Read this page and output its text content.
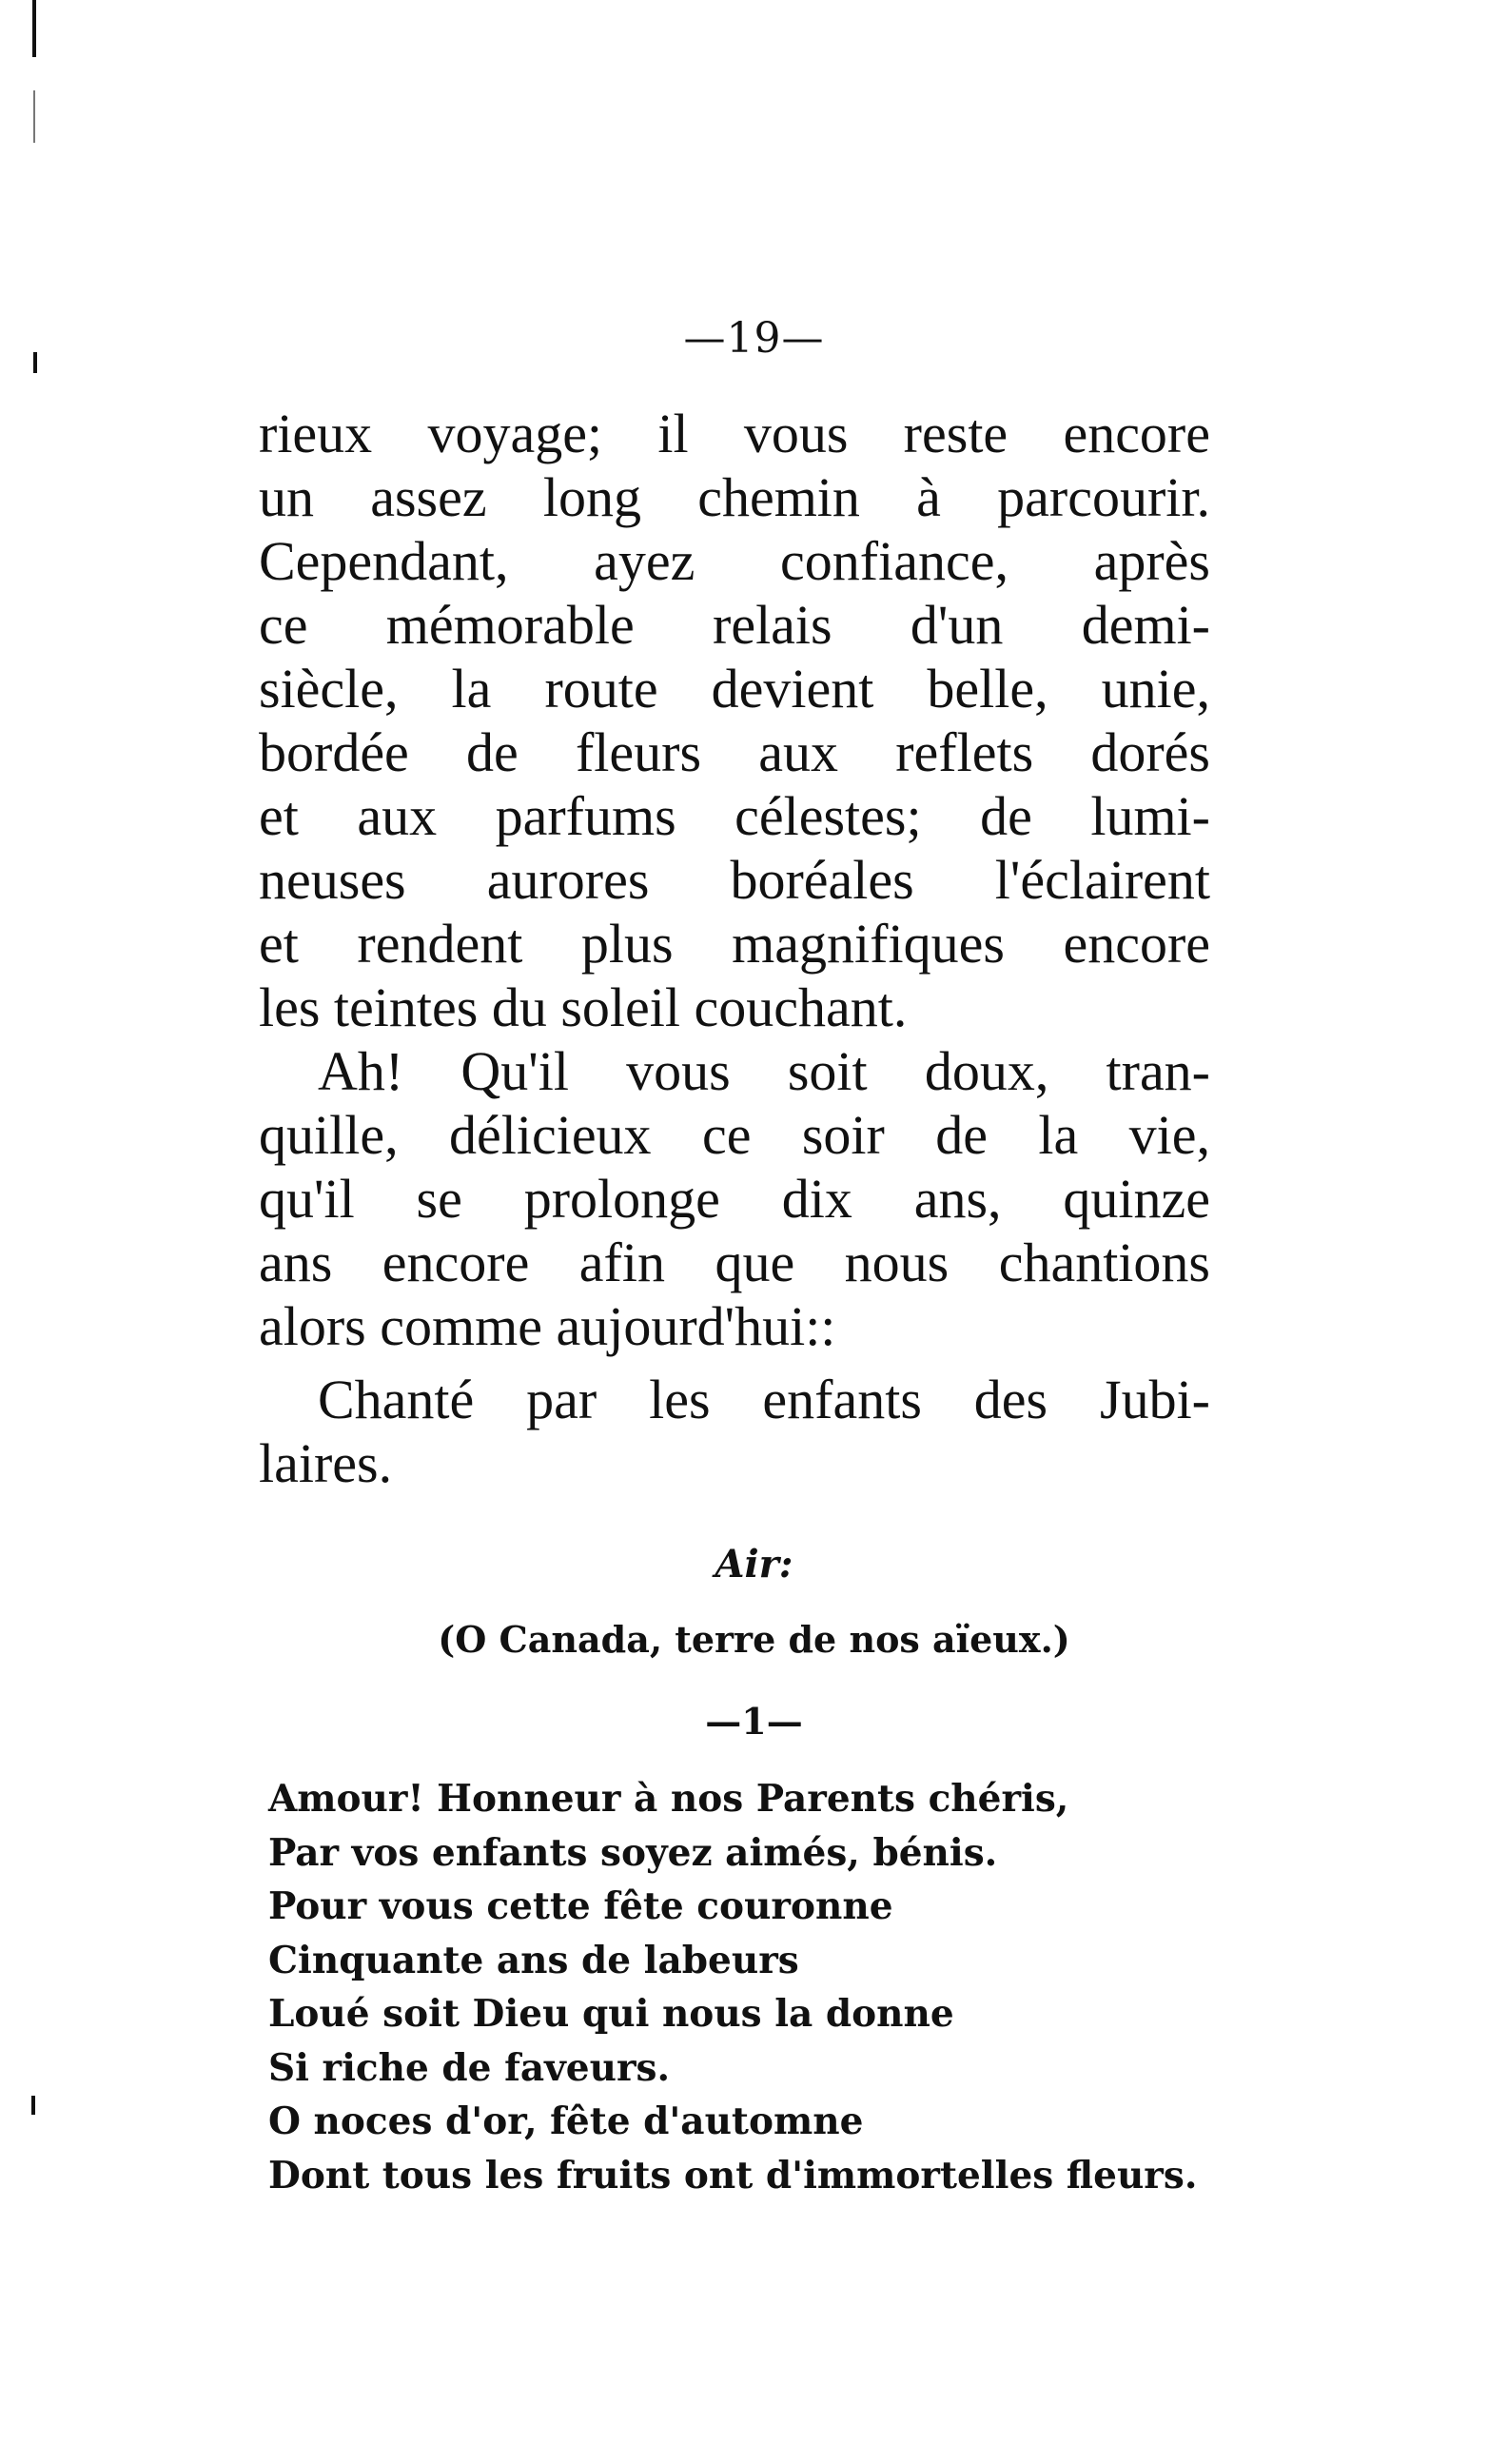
—19—
rieux voyage; il vous reste encore
un assez long chemin à parcourir.
Cependant, ayez confiance, après
ce mémorable relais d'un demi-
siècle, la route devient belle, unie,
bordée de fleurs aux reflets dorés
et aux parfums célestes; de lumi-
neuses aurores boréales l'éclairent
et rendent plus magnifiques encore
les teintes du soleil couchant.
Ah! Qu'il vous soit doux, tran-
quille, délicieux ce soir de la vie,
qu'il se prolonge dix ans, quinze
ans encore afin que nous chantions
alors comme aujourd'hui::
Chanté par les enfants des Jubi-
laires.
Air:
(O Canada, terre de nos aïeux.)
—1—
Amour! Honneur à nos Parents chéris,
Par vos enfants soyez aimés, bénis.
Pour vous cette fête couronne
Cinquante ans de labeurs
Loué soit Dieu qui nous la donne
Si riche de faveurs.
O noces d'or, fête d'automne
Dont tous les fruits ont d'immortelles fleurs.
